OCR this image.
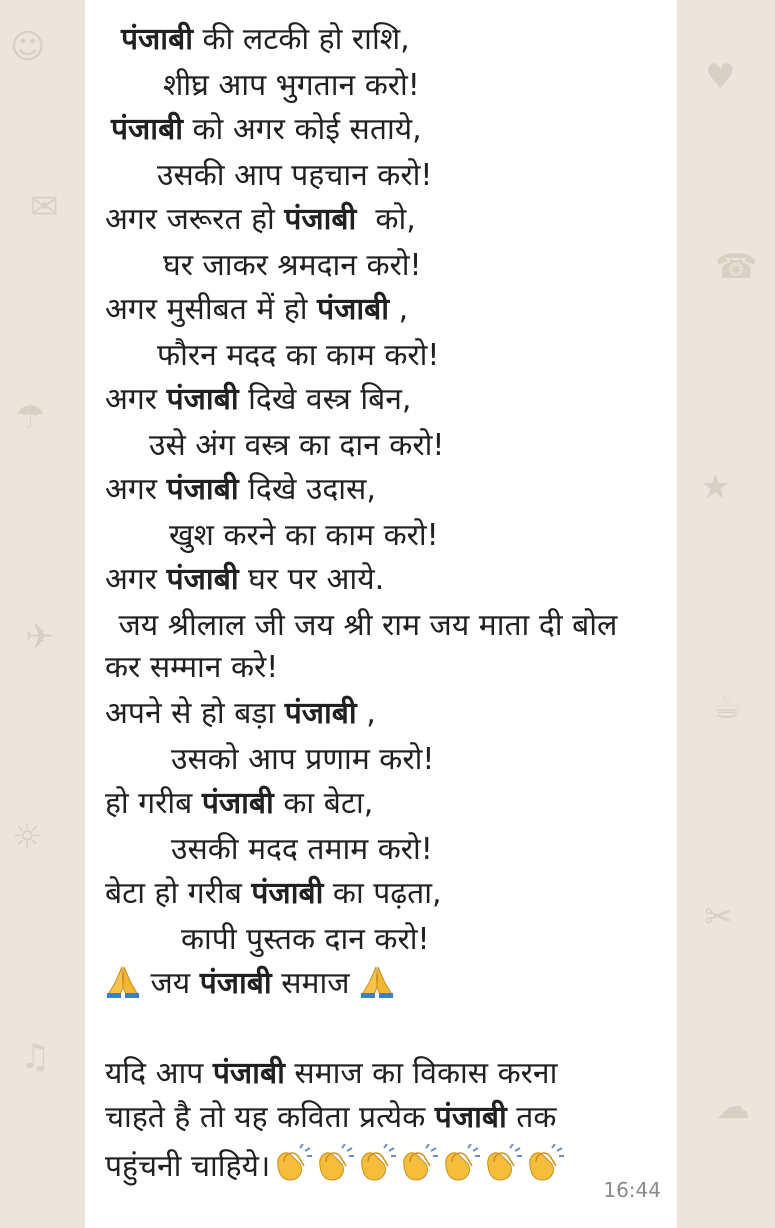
☺
✉
☂
✈
☼
♫
♥
☎
★
☕
✂
☁
पंजाबी की लटकी हो राशि,
शीघ्र आप भुगतान करो!
पंजाबी को अगर कोई सताये,
उसकी आप पहचान करो!
अगर जरूरत हो पंजाबी  को,
घर जाकर श्रमदान करो!
अगर मुसीबत में हो पंजाबी ,
फौरन मदद का काम करो!
अगर पंजाबी दिखे वस्त्र बिन,
उसे अंग वस्त्र का दान करो!
अगर पंजाबी दिखे उदास,
खुश करने का काम करो!
अगर पंजाबी घर पर आये.
जय श्रीलाल जी जय श्री राम जय माता दी बोल
कर सम्मान करे!
अपने से हो बड़ा पंजाबी ,
उसको आप प्रणाम करो!
हो गरीब पंजाबी का बेटा,
उसकी मदद तमाम करो!
बेटा हो गरीब पंजाबी का पढ़ता,
कापी पुस्तक दान करो!
जय पंजाबी समाज
यदि आप पंजाबी समाज का विकास करना
चाहते है तो यह कविता प्रत्येक पंजाबी तक
पहुंचनी चाहिये।
16:44
